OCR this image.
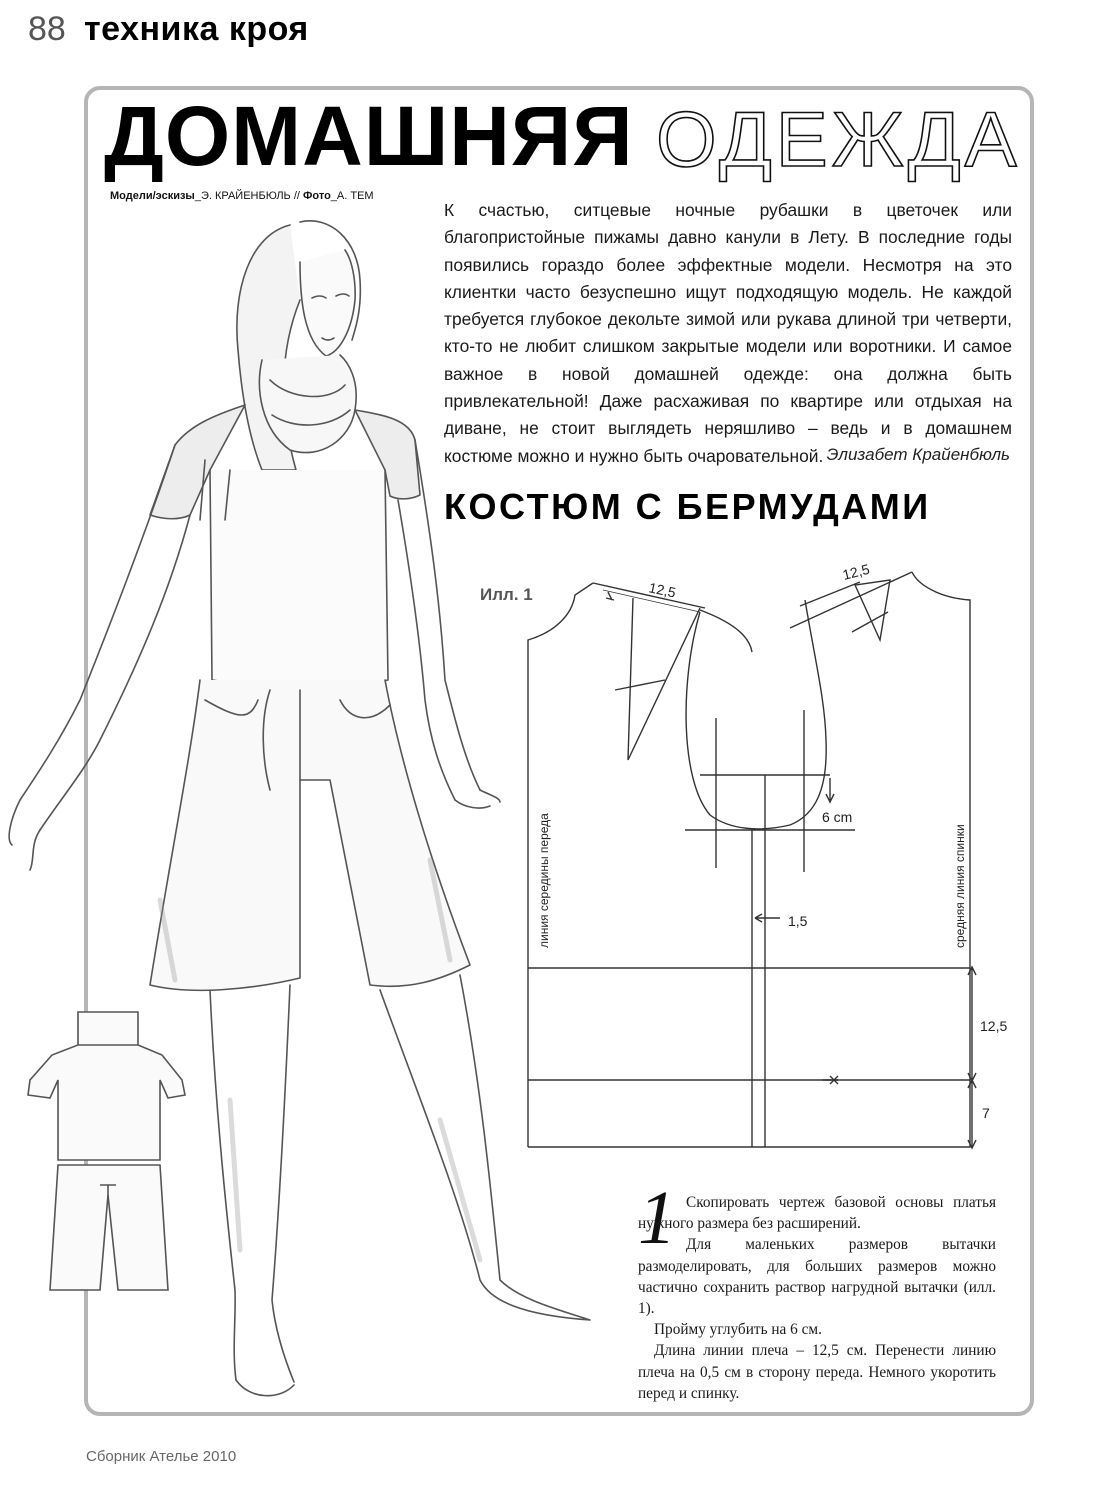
88 техника кроя
ДОМАШНЯЯ ОДЕЖДА
Модели/эскизы_Э. КРАЙЕНБЮЛЬ // Фото_А. ТЕМ
К счастью, ситцевые ночные рубашки в цветочек или благопристойные пижамы давно канули в Лету. В последние годы появились гораздо более эффектные модели. Несмотря на это клиентки часто безуспешно ищут подходящую модель. Не каждой требуется глубокое декольте зимой или рукава длиной три четверти, кто-то не любит слишком закрытые модели или воротники. И самое важное в новой домашней одежде: она должна быть привлекательной! Даже расхаживая по квартире или отдыхая на диване, не стоит выглядеть неряшливо – ведь и в домашнем костюме можно и нужно быть очаровательной. Элизабет Крайенбюль
КОСТЮМ С БЕРМУДАМИ
Илл. 1	12,5
12,5
6 cm
1,5
12,5
7
линия середины переда	средняя линия спинки
1 Скопировать чертеж базовой основы платья нужного размера без расширений.

Для маленьких размеров вытачки размоделировать, для больших размеров можно частично сохранить раствор нагрудной вытачки (илл. 1).

Пройму углубить на 6 см.

Длина линии плеча – 12,5 см. Перенести линию плеча на 0,5 см в сторону переда. Немного укоротить перед и спинку.

Сборник Ателье 2010
